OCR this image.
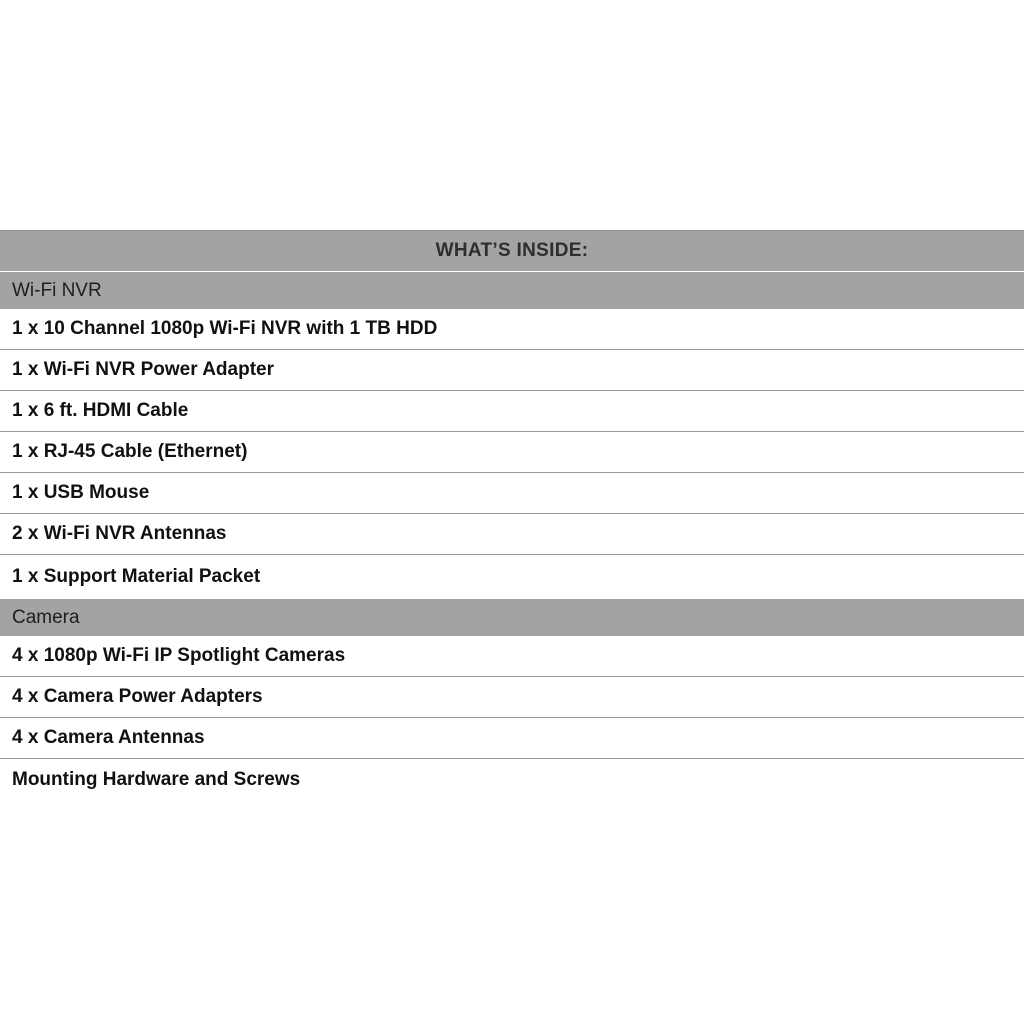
WHAT’S INSIDE:
Wi-Fi NVR
1 x 10 Channel 1080p Wi-Fi NVR with 1 TB HDD
1 x Wi-Fi NVR Power Adapter
1 x 6 ft. HDMI Cable
1 x RJ-45 Cable (Ethernet)
1 x USB Mouse
2 x Wi-Fi NVR Antennas
1 x Support Material Packet
Camera
4 x 1080p Wi-Fi IP Spotlight Cameras
4 x Camera Power Adapters
4 x Camera Antennas
Mounting Hardware and Screws
